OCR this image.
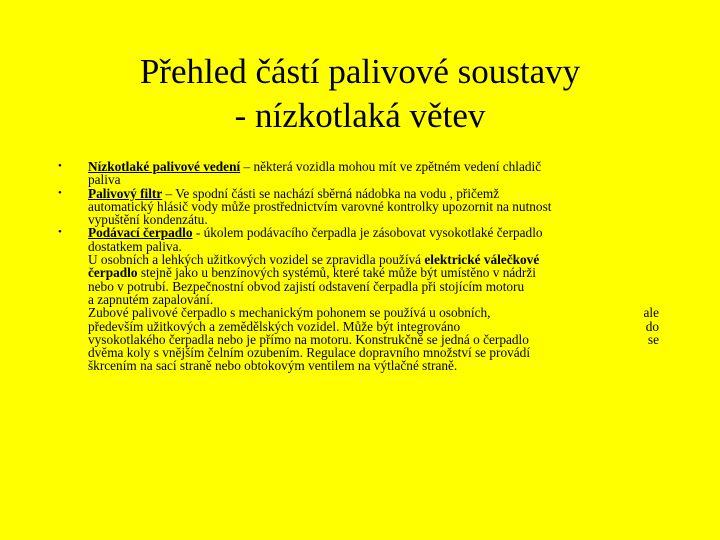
Přehled částí palivové soustavy
- nízkotlaká větev
• Nízkotlaké palivové vedení – některá vozidla mohou mít ve zpětném vedení chladič
paliva
• Palivový filtr – Ve spodní části se nachází sběrná nádobka na vodu , přičemž
automatický hlásič vody může prostřednictvím varovné kontrolky upozornit na nutnost
vypuštění kondenzátu.
• Podávací čerpadlo - úkolem podávacího čerpadla je zásobovat vysokotlaké čerpadlo
dostatkem paliva.
U osobních a lehkých užitkových vozidel se zpravidla používá elektrické válečkové
čerpadlo stejně jako u benzínových systémů, které také může být umístěno v nádrži
nebo v potrubí. Bezpečnostní obvod zajistí odstavení čerpadla při stojícím motoru
a zapnutém zapalování.
Zubové palivové čerpadlo s mechanickým pohonem se používá u osobních,	ale
především užitkových a zemědělských vozidel. Může být integrováno	do
vysokotlakého čerpadla nebo je přímo na motoru. Konstrukčně se jedná o čerpadlo	se
dvěma koly s vnějším čelním ozubením. Regulace dopravního množství se provádí
škrcením na sací straně nebo obtokovým ventilem na výtlačné straně.
